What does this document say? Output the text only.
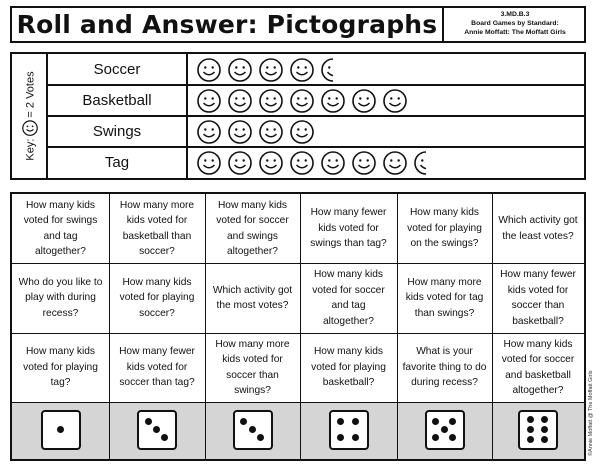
Roll and Answer: Pictographs	3.MD.B.3
Board Games by Standard:
Annie Moffatt: The Moffatt Girls
Key:
= 2 Votes
Soccer
Basketball
Swings
Tag
How many kids voted for swings and tag altogether?
How many more kids voted for basketball than soccer?
How many kids voted for soccer and swings altogether?
How many fewer kids voted for swings than tag?
How many kids voted for playing on the swings?
Which activity got the least votes?
Who do you like to play with during recess?
How many kids voted for playing soccer?
Which activity got the most votes?
How many kids voted for soccer and tag altogether?
How many more kids voted for tag than swings?
How many fewer kids voted for soccer than basketball?
How many kids voted for playing tag?
How many fewer kids voted for soccer than tag?
How many more kids voted for soccer than swings?
How many kids voted for playing basketball?
What is your favorite thing to do during recess?
How many kids voted for soccer and basketball altogether?	©Annie Moffatt @ The Moffatt Girls
